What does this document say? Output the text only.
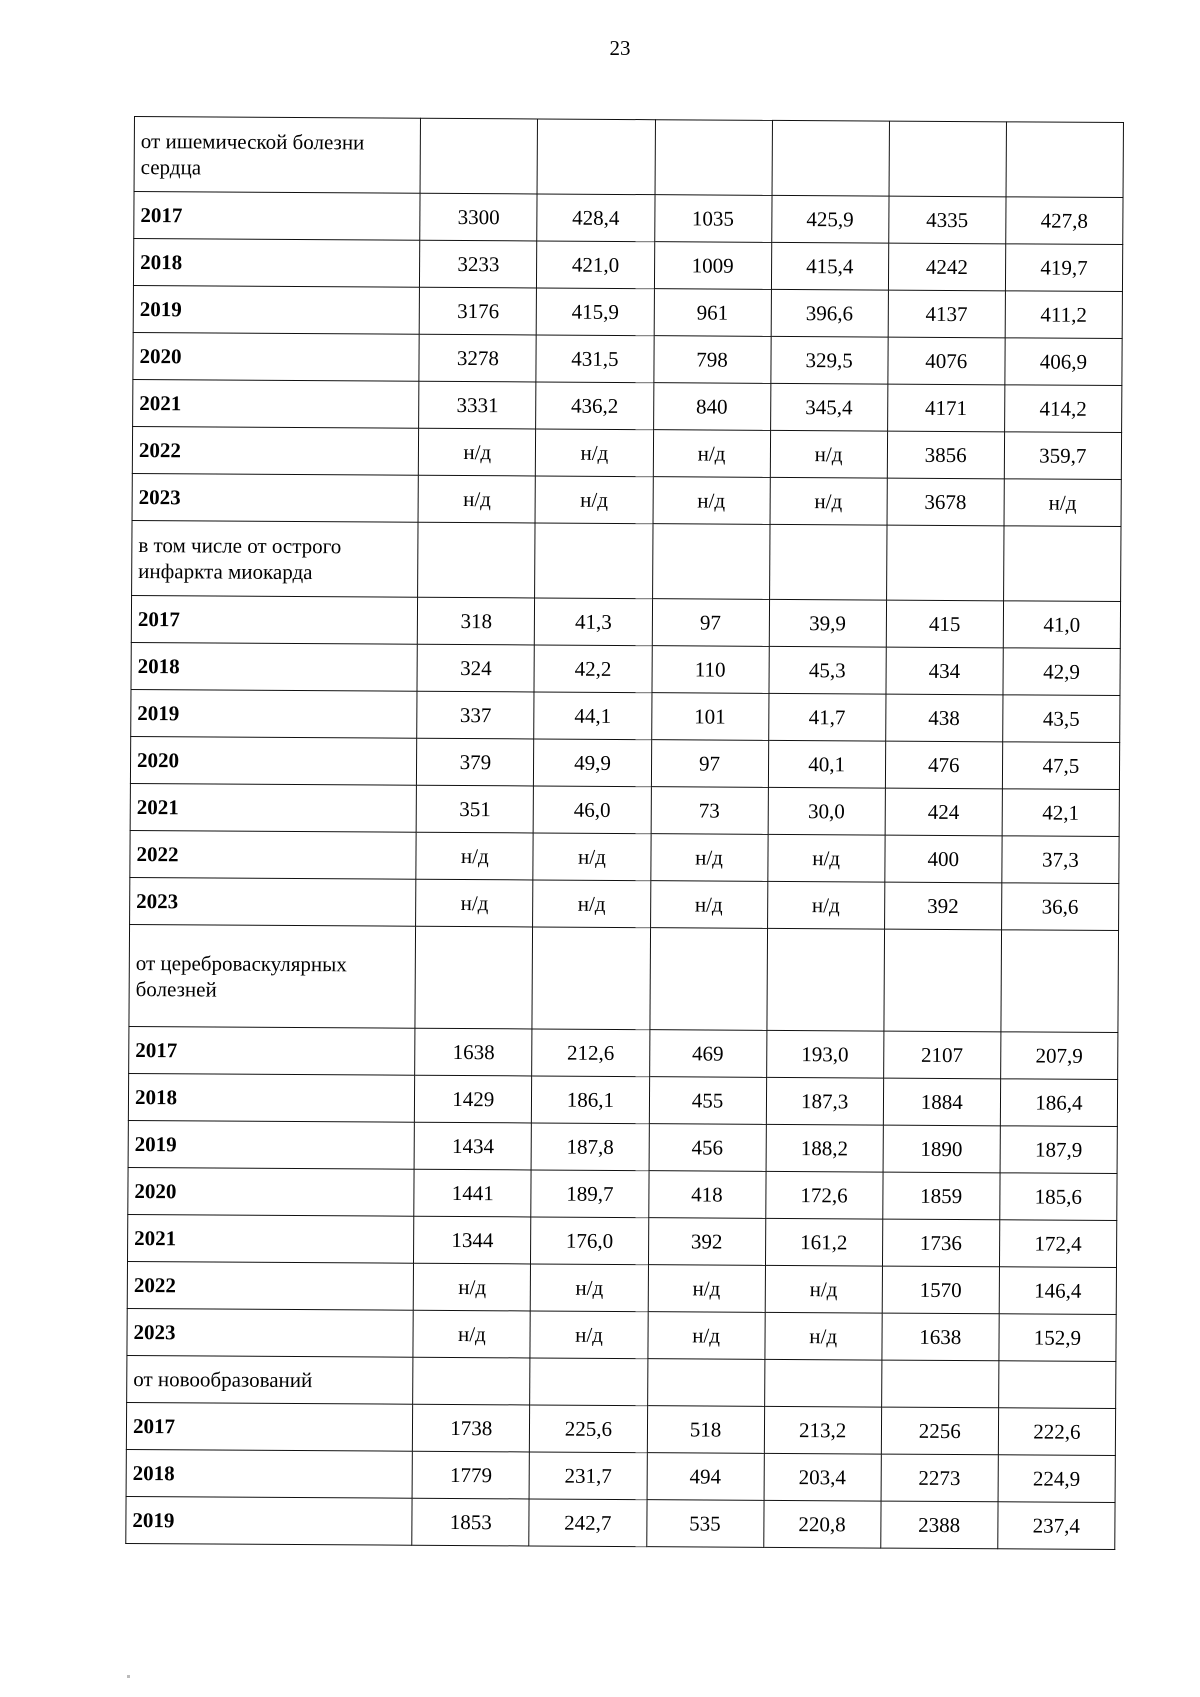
23
от ишемической болезни сердца						
2017	3300	428,4	1035	425,9	4335	427,8
2018	3233	421,0	1009	415,4	4242	419,7
2019	3176	415,9	961	396,6	4137	411,2
2020	3278	431,5	798	329,5	4076	406,9
2021	3331	436,2	840	345,4	4171	414,2
2022	н/д	н/д	н/д	н/д	3856	359,7
2023	н/д	н/д	н/д	н/д	3678	н/д
в том числе от острого инфаркта миокарда						
2017	318	41,3	97	39,9	415	41,0
2018	324	42,2	110	45,3	434	42,9
2019	337	44,1	101	41,7	438	43,5
2020	379	49,9	97	40,1	476	47,5
2021	351	46,0	73	30,0	424	42,1
2022	н/д	н/д	н/д	н/д	400	37,3
2023	н/д	н/д	н/д	н/д	392	36,6
от цереброваскулярных болезней						
2017	1638	212,6	469	193,0	2107	207,9
2018	1429	186,1	455	187,3	1884	186,4
2019	1434	187,8	456	188,2	1890	187,9
2020	1441	189,7	418	172,6	1859	185,6
2021	1344	176,0	392	161,2	1736	172,4
2022	н/д	н/д	н/д	н/д	1570	146,4
2023	н/д	н/д	н/д	н/д	1638	152,9
от новообразований						
2017	1738	225,6	518	213,2	2256	222,6
2018	1779	231,7	494	203,4	2273	224,9
2019	1853	242,7	535	220,8	2388	237,4
